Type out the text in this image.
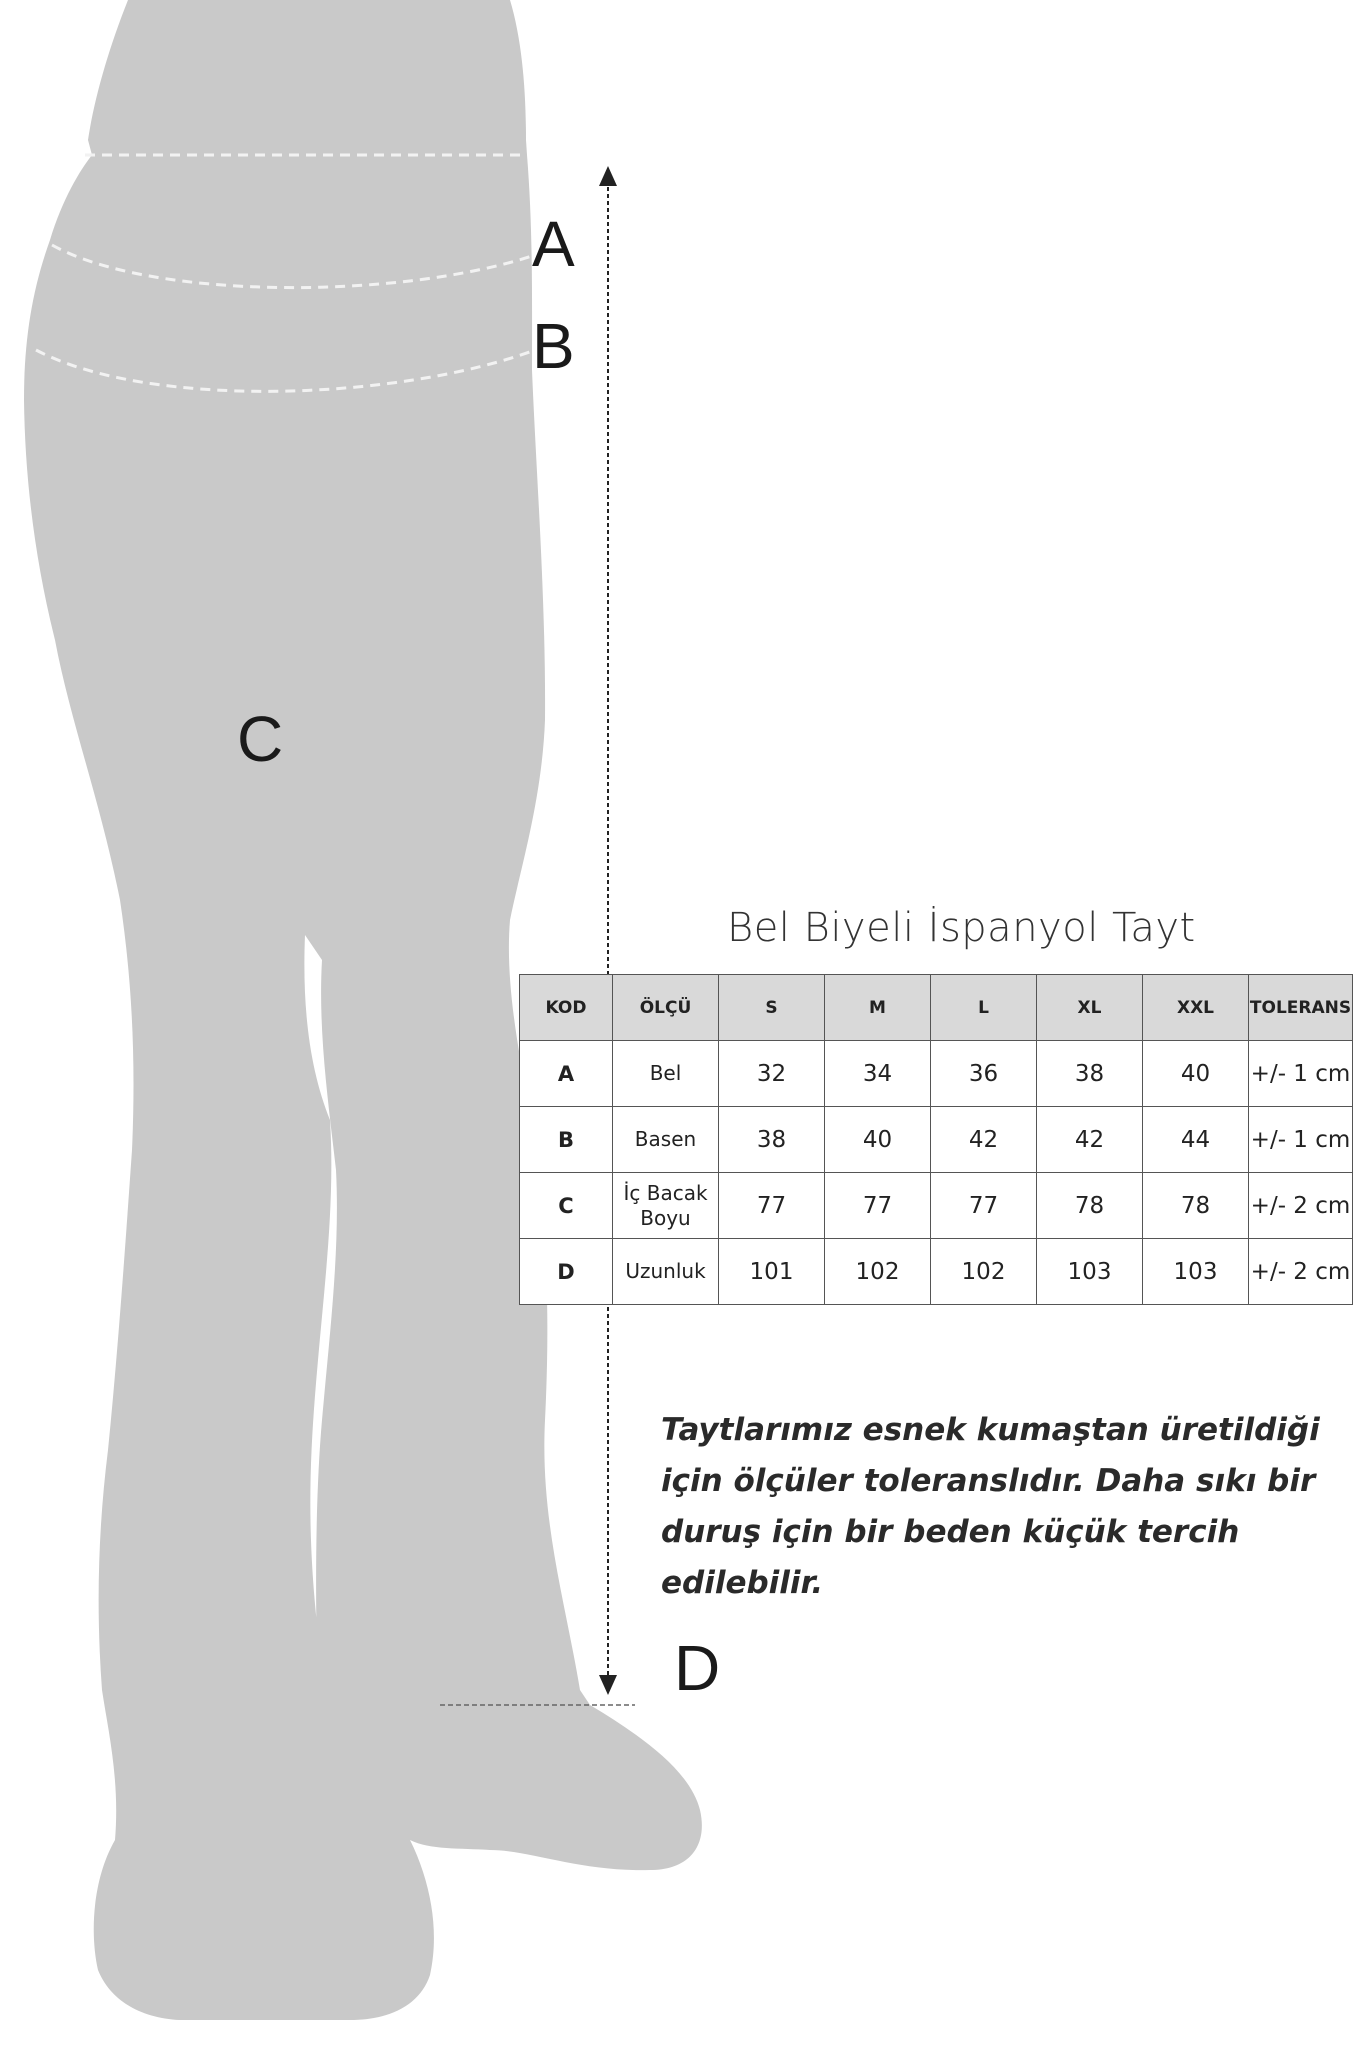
A
B
C
D
Bel Biyeli İspanyol Tayt
KOD	ÖLÇÜ	S	M	L	XL	XXL	TOLERANS
A	Bel	32	34	36	38	40	+/- 1 cm
B	Basen	38	40	42	42	44	+/- 1 cm
C	İç Bacak Boyu	77	77	77	78	78	+/- 2 cm
D	Uzunluk	101	102	102	103	103	+/- 2 cm
Taytlarımız esnek kumaştan üretildiği için ölçüler toleranslıdır. Daha sıkı bir duruş için bir beden küçük tercih edilebilir.
